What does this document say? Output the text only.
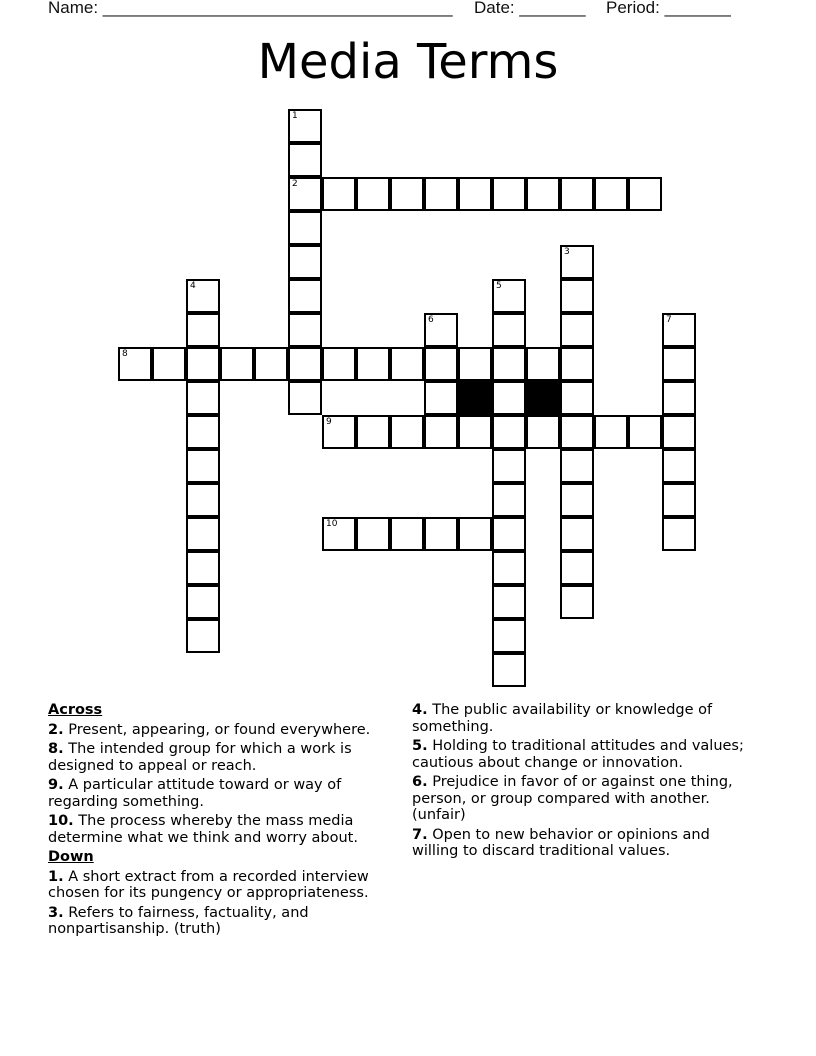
Name: _____________________________________ Date: _______ Period: _______
Media Terms
1
2
3
4	5
6	7
8
9
10
Across
2. Present, appearing, or found everywhere.
8. The intended group for which a work is designed to appeal or reach.
9. A particular attitude toward or way of regarding something.
10. The process whereby the mass media determine what we think and worry about.
Down
1. A short extract from a recorded interview chosen for its pungency or appropriateness.
3. Refers to fairness, factuality, and nonpartisanship. (truth)
4. The public availability or knowledge of something.
5. Holding to traditional attitudes and values; cautious about change or innovation.
6. Prejudice in favor of or against one thing, person, or group compared with another. (unfair)
7. Open to new behavior or opinions and willing to discard traditional values.
